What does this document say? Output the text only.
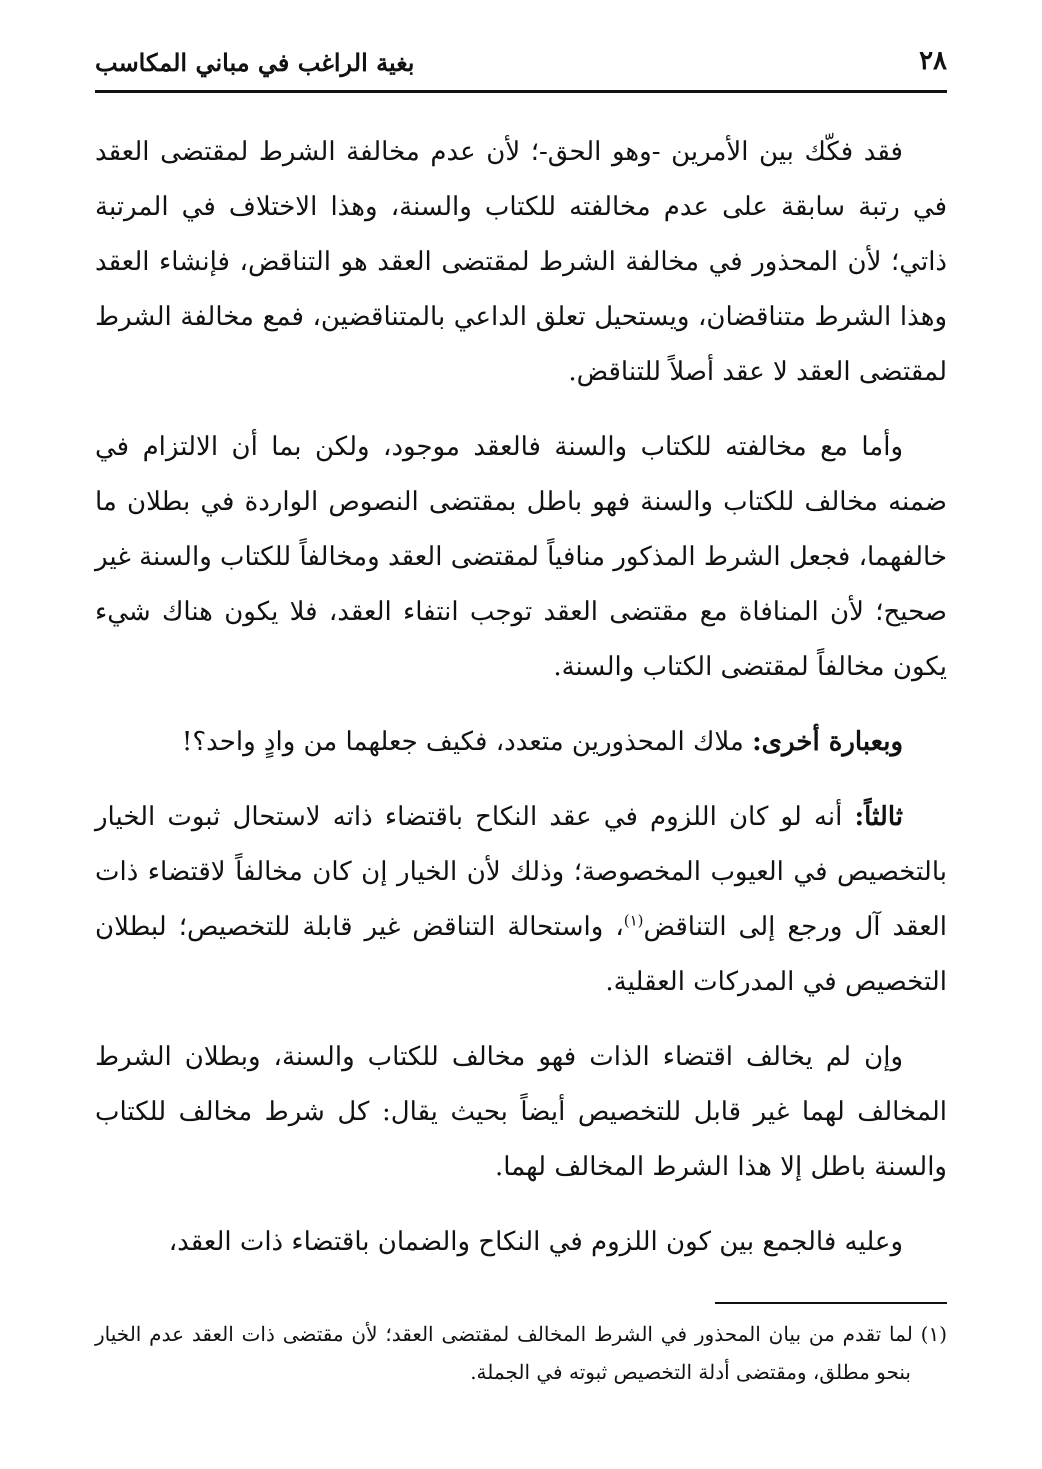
٢٨
بغية الراغب في مباني المكاسب

فقد فكّك بين الأمرين -وهو الحق-؛ لأن عدم مخالفة الشرط لمقتضى العقد في رتبة سابقة على عدم مخالفته للكتاب والسنة، وهذا الاختلاف في المرتبة ذاتي؛ لأن المحذور في مخالفة الشرط لمقتضى العقد هو التناقض، فإنشاء العقد وهذا الشرط متناقضان، ويستحيل تعلق الداعي بالمتناقضين، فمع مخالفة الشرط لمقتضى العقد لا عقد أصلاً للتناقض.

وأما مع مخالفته للكتاب والسنة فالعقد موجود، ولكن بما أن الالتزام في ضمنه مخالف للكتاب والسنة فهو باطل بمقتضى النصوص الواردة في بطلان ما خالفهما، فجعل الشرط المذكور منافياً لمقتضى العقد ومخالفاً للكتاب والسنة غير صحيح؛ لأن المنافاة مع مقتضى العقد توجب انتفاء العقد، فلا يكون هناك شيء يكون مخالفاً لمقتضى الكتاب والسنة.

وبعبارة أخرى: ملاك المحذورين متعدد، فكيف جعلهما من وادٍ واحد؟!

ثالثاً: أنه لو كان اللزوم في عقد النكاح باقتضاء ذاته لاستحال ثبوت الخيار بالتخصيص في العيوب المخصوصة؛ وذلك لأن الخيار إن كان مخالفاً لاقتضاء ذات العقد آل ورجع إلى التناقض$^{(١)}$، واستحالة التناقض غير قابلة للتخصيص؛ لبطلان التخصيص في المدركات العقلية.

وإن لم يخالف اقتضاء الذات فهو مخالف للكتاب والسنة، وبطلان الشرط المخالف لهما غير قابل للتخصيص أيضاً بحيث يقال: كل شرط مخالف للكتاب والسنة باطل إلا هذا الشرط المخالف لهما.

وعليه فالجمع بين كون اللزوم في النكاح والضمان باقتضاء ذات العقد،

(١) لما تقدم من بيان المحذور في الشرط المخالف لمقتضى العقد؛ لأن مقتضى ذات العقد عدم الخيار بنحو مطلق، ومقتضى أدلة التخصيص ثبوته في الجملة.
